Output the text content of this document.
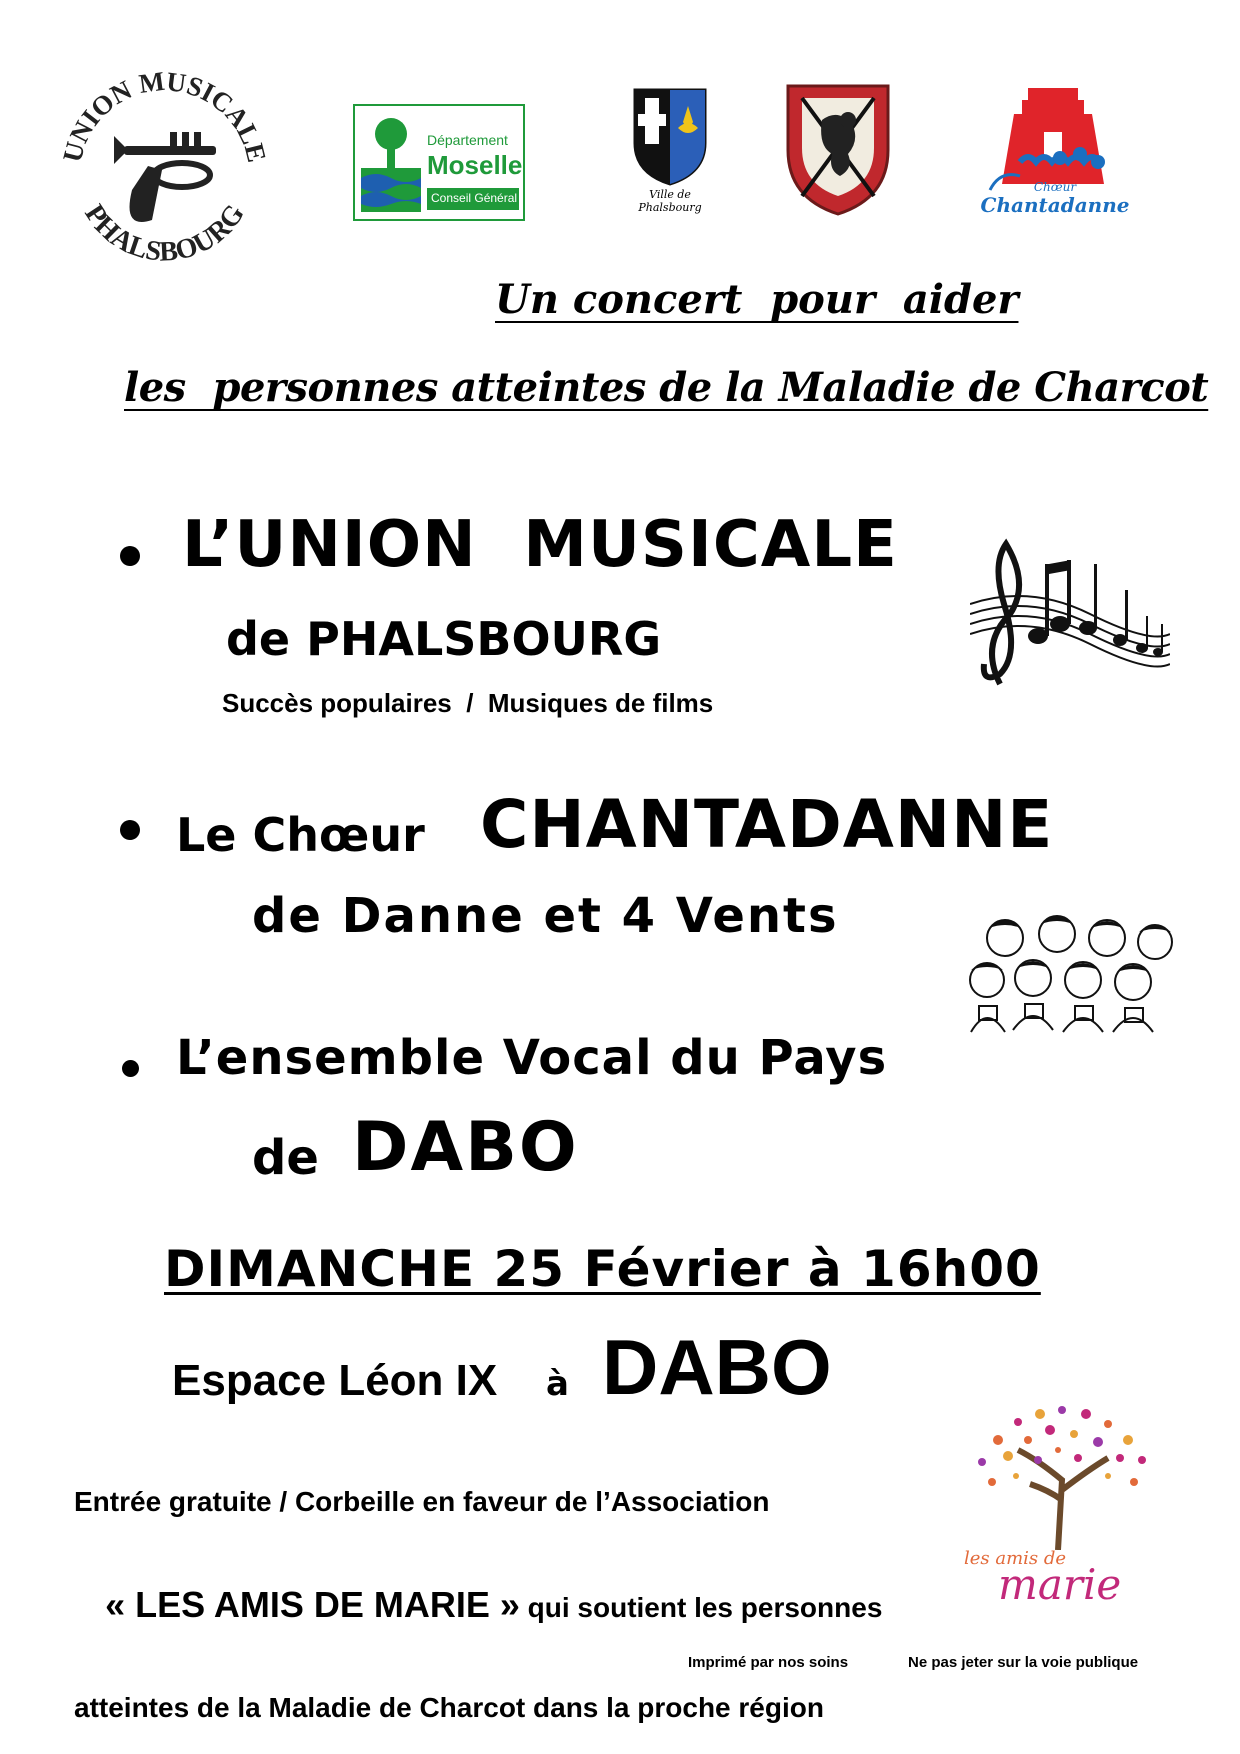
NION MUSICAL
PHALSBOURG
Département
Moselle
Conseil Général	Ville de
Phalsbourg
Chœur
Chantadanne
Un concert  pour  aider
les  personnes atteintes de la Maladie de Charcot
L’UNION  MUSICALE
de PHALSBOURG
Succès populaires  /  Musiques de films
Le Chœur CHANTADANNE
de Danne et 4 Vents
L’ensemble Vocal du Pays
de DABO
DIMANCHE 25 Février à 16h00
Espace Léon IX à DABO
les amis de
marie
Entrée gratuite / Corbeille en faveur de l’Association

« LES AMIS DE MARIE » qui soutient les personnes

atteintes de la Maladie de Charcot dans la proche région
Imprimé par nos soins	Ne pas jeter sur la voie publique
